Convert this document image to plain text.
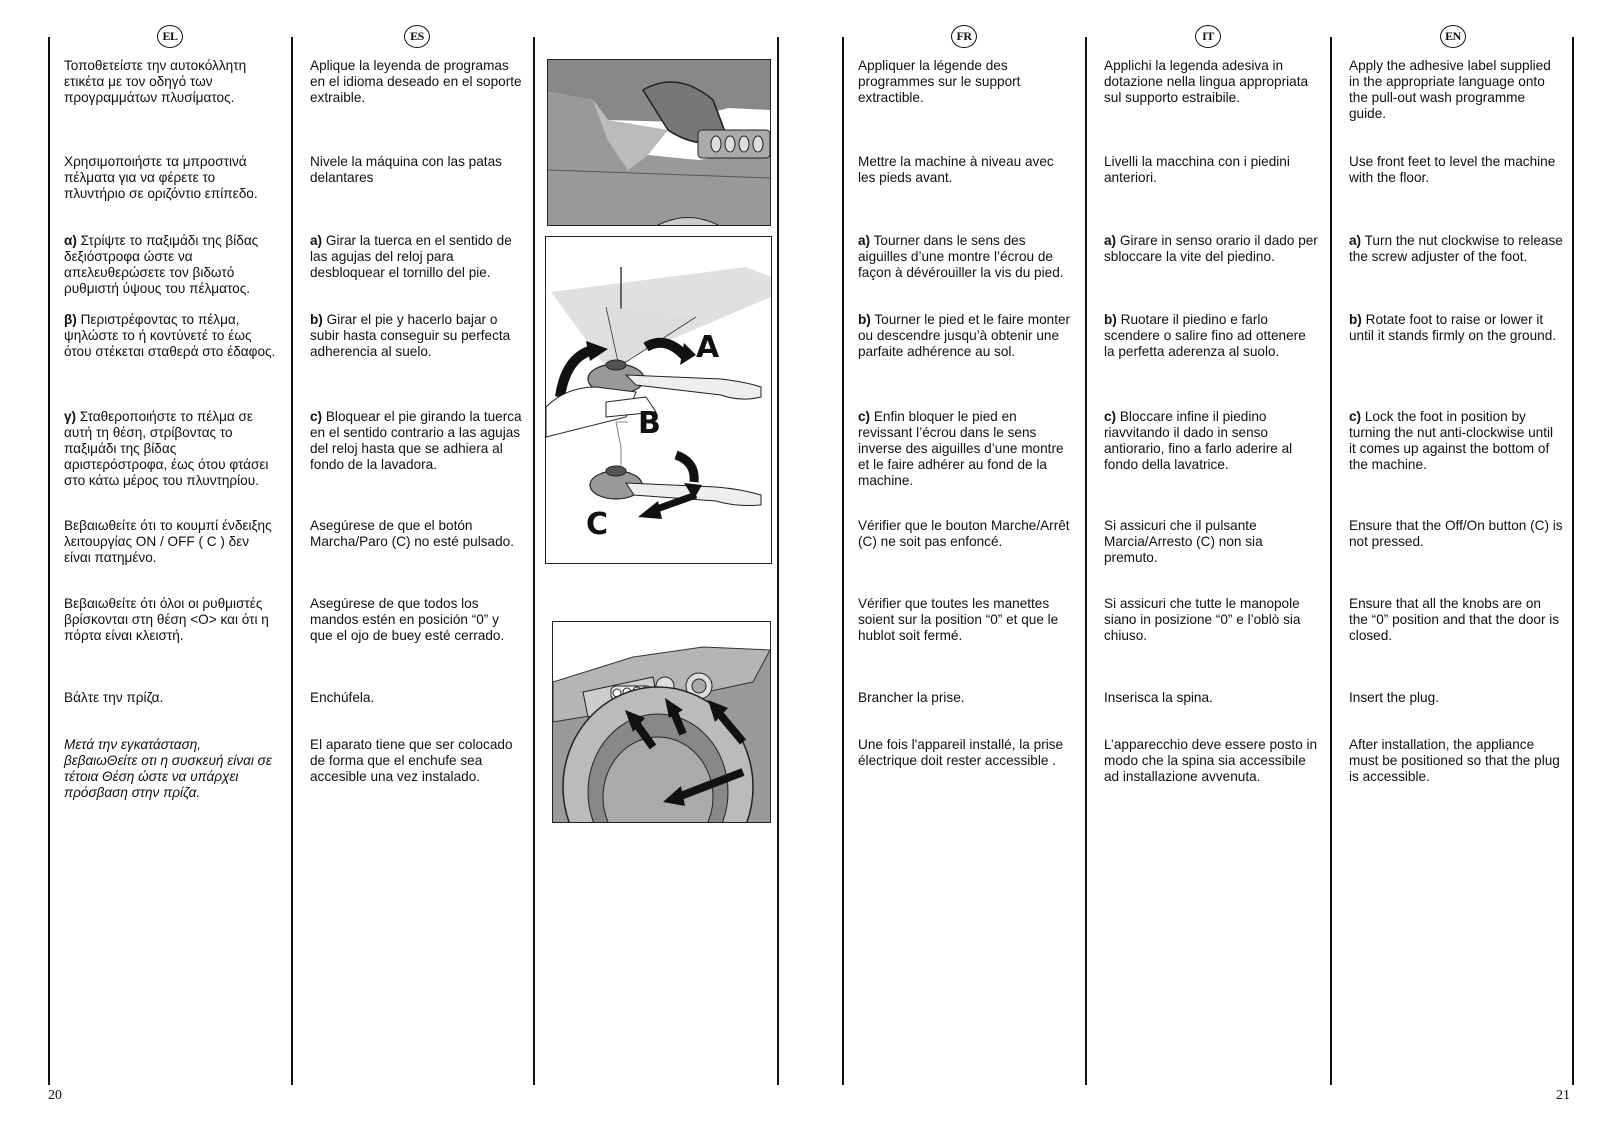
EL	ES	FR	IT	EN

Τοποθετείστε την αυτοκόλλητη ετικέτα με τον οδηγό των προγραμμάτων πλυσίματος.

Χρησιμοποιήστε τα μπροστινά πέλματα για να φέρετε το πλυντήριο σε οριζόντιο επίπεδο.

α) Στρίψτε το παξιμάδι της βίδας δεξιόστροφα ώστε να απελευθερώσετε τον βιδωτό ρυθμιστή ύψους του πέλματος.

β) Περιστρέφοντας το πέλμα, ψηλώστε το ή κοντύνετέ το έως ότου στέκεται σταθερά στο έδαφος.

γ) Σταθεροποιήστε το πέλμα σε αυτή τη θέση, στρίβοντας το παξιμάδι της βίδας αριστερόστροφα, έως ότου φτάσει στο κάτω μέρος του πλυντηρίου.

Βεβαιωθείτε ότι το κουμπί ένδειξης λειτουργίας ON / OFF ( C ) δεν είναι πατημένο.

Βεβαιωθείτε ότι όλοι οι ρυθμιστές βρίσκονται στη θέση <O> και ότι η πόρτα είναι κλειστή.

Βάλτε την πρίζα.

Μετά την εγκατάσταση, βεβαιωΘείτε οτι η συσκευή είναι σε τέτοια Θέση ώστε να υπάρχει πρόσβαση στην πρίζα.

Aplique la leyenda de programas en el idioma deseado en el soporte extraible.

Nivele la máquina con las patas delantares

a) Girar la tuerca en el sentido de las agujas del reloj para desbloquear el tornillo del pie.

b) Girar el pie y hacerlo bajar o subir hasta conseguir su perfecta adherencia al suelo.

c) Bloquear el pie girando la tuerca en el sentido contrario a las agujas del reloj hasta que se adhiera al fondo de la lavadora.

Asegúrese de que el botón Marcha/Paro (C) no esté pulsado.

Asegúrese de que todos los mandos estén en posición “0” y que el ojo de buey esté cerrado.

Enchúfela.

El aparato tiene que ser colocado de forma que el enchufe sea accesible una vez instalado.

A
B
C

Appliquer la légende des programmes sur le support extractible.

Mettre la machine à niveau avec les pieds avant.

a) Tourner dans le sens des aiguilles d’une montre l’écrou de façon à dévérouiller la vis du pied.

b) Tourner le pied et le faire monter ou descendre jusqu’à obtenir une parfaite adhérence au sol.

c) Enfin bloquer le pied en revissant l’écrou dans le sens inverse des aiguilles d’une montre et le faire adhérer au fond de la machine.

Vérifier que le bouton Marche/Arrêt (C) ne soit pas enfoncé.

Vérifier que toutes les manettes soient sur la position “0” et que le hublot soit fermé.

Brancher la prise.

Une fois l'appareil installé, la prise électrique doit rester accessible .

Applichi la legenda adesiva in dotazione nella lingua appropriata sul supporto estraibile.

Livelli la macchina con i piedini anteriori.

a) Girare in senso orario il dado per sbloccare la vite del piedino.

b) Ruotare il piedino e farlo scendere o salire fino ad ottenere la perfetta aderenza al suolo.

c) Bloccare infine il piedino riavvitando il dado in senso antiorario, fino a farlo aderire al fondo della lavatrice.

Si assicuri che il pulsante Marcia/Arresto (C) non sia premuto.

Si assicuri che tutte le manopole siano in posizione “0” e l’oblò sia chiuso.

Inserisca la spina.

L’apparecchio deve essere posto in modo che la spina sia accessibile ad installazione avvenuta.

Apply the adhesive label supplied in the appropriate language onto the pull-out wash programme guide.

Use front feet to level the machine with the floor.

a) Turn the nut clockwise to release the screw adjuster of the foot.

b) Rotate foot to raise or lower it until it stands firmly on the ground.

c) Lock the foot in position by turning the nut anti-clockwise until it comes up against the bottom of the machine.

Ensure that the Off/On button (C) is not pressed.

Ensure that all the knobs are on the “0” position and that the door is closed.

Insert the plug.

After installation, the appliance must be positioned so that the plug is accessible.

20	21
